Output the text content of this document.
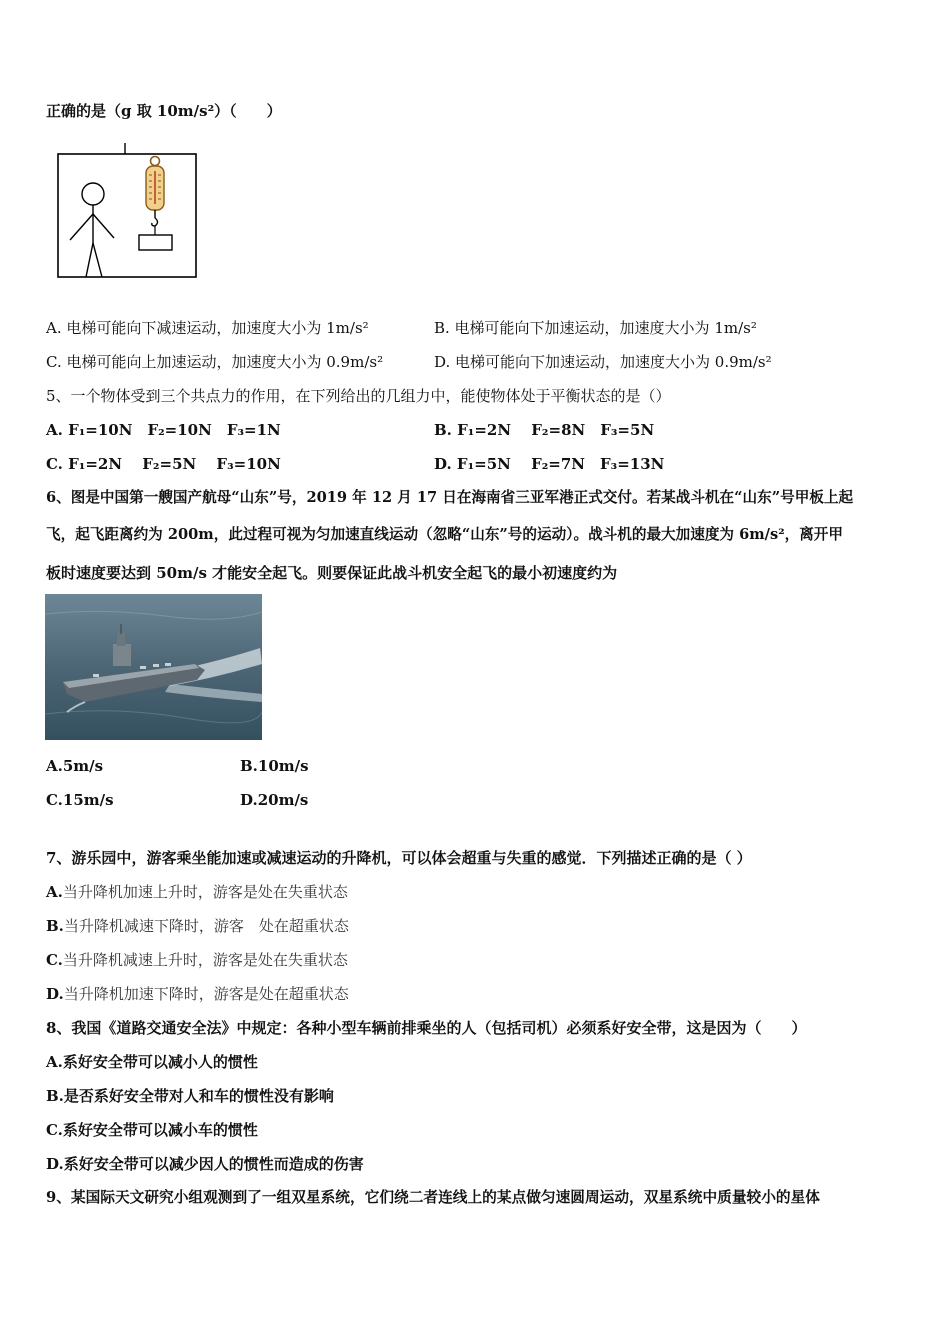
正确的是（g 取 10m/s²）（　　）
A. 电梯可能向下减速运动，加速度大小为 1m/s²	B. 电梯可能向下加速运动，加速度大小为 1m/s²
C. 电梯可能向上加速运动，加速度大小为 0.9m/s²	D. 电梯可能向下加速运动，加速度大小为 0.9m/s²
5、一个物体受到三个共点力的作用，在下列给出的几组力中，能使物体处于平衡状态的是（）
A. F₁=10N　F₂=10N　F₃=1N	B. F₁=2N　 F₂=8N　F₃=5N
C. F₁=2N　 F₂=5N　 F₃=10N	D. F₁=5N　 F₂=7N　F₃=13N
6、图是中国第一艘国产航母“山东”号，2019 年 12 月 17 日在海南省三亚军港正式交付。若某战斗机在“山东”号甲板上起
飞，起飞距离约为 200m，此过程可视为匀加速直线运动（忽略“山东”号的运动）。战斗机的最大加速度为 6m/s²，离开甲
板时速度要达到 50m/s 才能安全起飞。则要保证此战斗机安全起飞的最小初速度约为
A.5m/s	B.10m/s
C.15m/s	D.20m/s
7、游乐园中，游客乘坐能加速或减速运动的升降机，可以体会超重与失重的感觉．下列描述正确的是（ ）
A.当升降机加速上升时，游客是处在失重状态
B.当升降机减速下降时，游客　处在超重状态
C.当升降机减速上升时，游客是处在失重状态
D.当升降机加速下降时，游客是处在超重状态
8、我国《道路交通安全法》中规定：各种小型车辆前排乘坐的人（包括司机）必须系好安全带，这是因为（　　）
A.系好安全带可以减小人的惯性
B.是否系好安全带对人和车的惯性没有影响
C.系好安全带可以减小车的惯性
D.系好安全带可以减少因人的惯性而造成的伤害
9、某国际天文研究小组观测到了一组双星系统，它们绕二者连线上的某点做匀速圆周运动，双星系统中质量较小的星体
